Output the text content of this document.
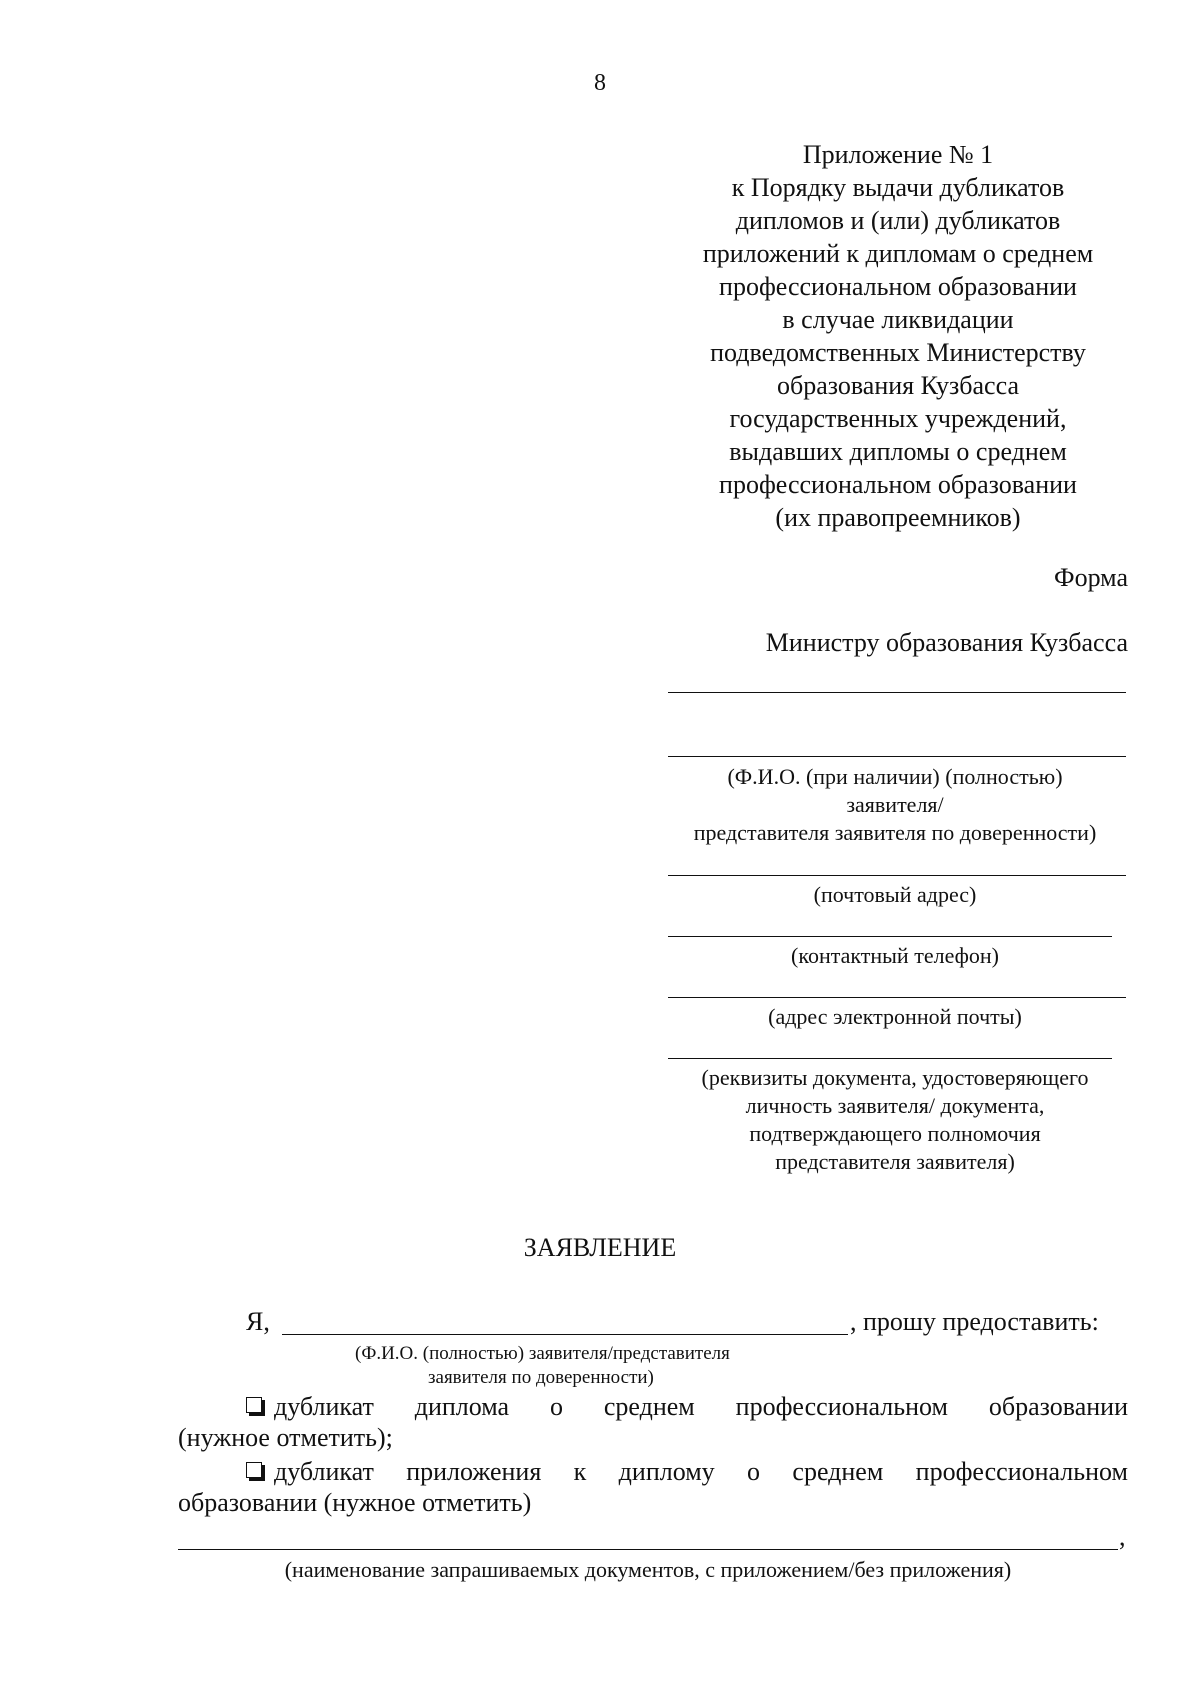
8
Приложение № 1
к Порядку выдачи дубликатов
дипломов и (или) дубликатов
приложений к дипломам о среднем
профессиональном образовании
в случае ликвидации
подведомственных Министерству
образования Кузбасса
государственных учреждений,
выдавших дипломы о среднем
профессиональном образовании
(их правопреемников)
Форма
Министру образования Кузбасса
(Ф.И.О. (при наличии) (полностью)
заявителя/
представителя заявителя по доверенности)
(почтовый адрес)
(контактный телефон)
(адрес электронной почты)
(реквизиты документа, удостоверяющего
личность заявителя/ документа,
подтверждающего полномочия
представителя заявителя)
ЗАЯВЛЕНИЕ
Я,	, прошу предоставить:
(Ф.И.О. (полностью) заявителя/представителя
заявителя по доверенности)
дубликат диплома о среднем профессиональном образовании
(нужное отметить);
дубликат приложения к диплому о среднем профессиональном
образовании (нужное отметить)
,
(наименование запрашиваемых документов, с приложением/без приложения)
